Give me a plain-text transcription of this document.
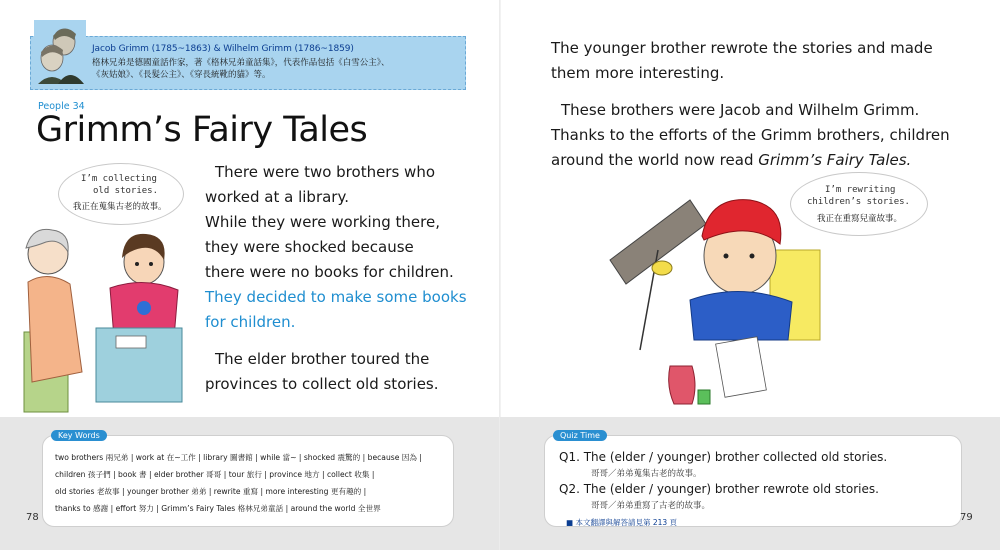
Jacob Grimm (1785~1863) & Wilhelm Grimm (1786~1859)
格林兄弟是德國童話作家，著《格林兄弟童話集》，代表作品包括《白雪公主》、
《灰姑娘》、《長髮公主》、《穿長統靴的貓》等。
People 34
Grimm’s Fairy Tales
There were two brothers who
worked at a library.
While they were working there,
they were shocked because
there were no books for children.
They decided to make some books
for children.
The elder brother toured the
provinces to collect old stories.
I’m collecting
old stories.
我正在蒐集古老的故事。
Key Words
two brothers 兩兄弟 | work at 在~工作 | library 圖書館 | while 當~ | shocked 震驚的 | because 因為 |
children 孩子們 | book 書 | elder brother 哥哥 | tour 旅行 | province 地方 | collect 收集 |
old stories 老故事 | younger brother 弟弟 | rewrite 重寫 | more interesting 更有趣的 |
thanks to 感謝 | effort 努力 | Grimm’s Fairy Tales 格林兄弟童話 | around the world 全世界
78
The younger brother rewrote the stories and made
them more interesting.
These brothers were Jacob and Wilhelm Grimm.
Thanks to the efforts of the Grimm brothers, children
around the world now read Grimm’s Fairy Tales.
I’m rewriting
children’s stories.
我正在重寫兒童故事。
Quiz Time
Q1. The (elder / younger) brother collected old stories.
哥哥／弟弟蒐集古老的故事。
Q2. The (elder / younger) brother rewrote old stories.
哥哥／弟弟重寫了古老的故事。
79
■ 本文翻譯與解答請見第 213 頁
